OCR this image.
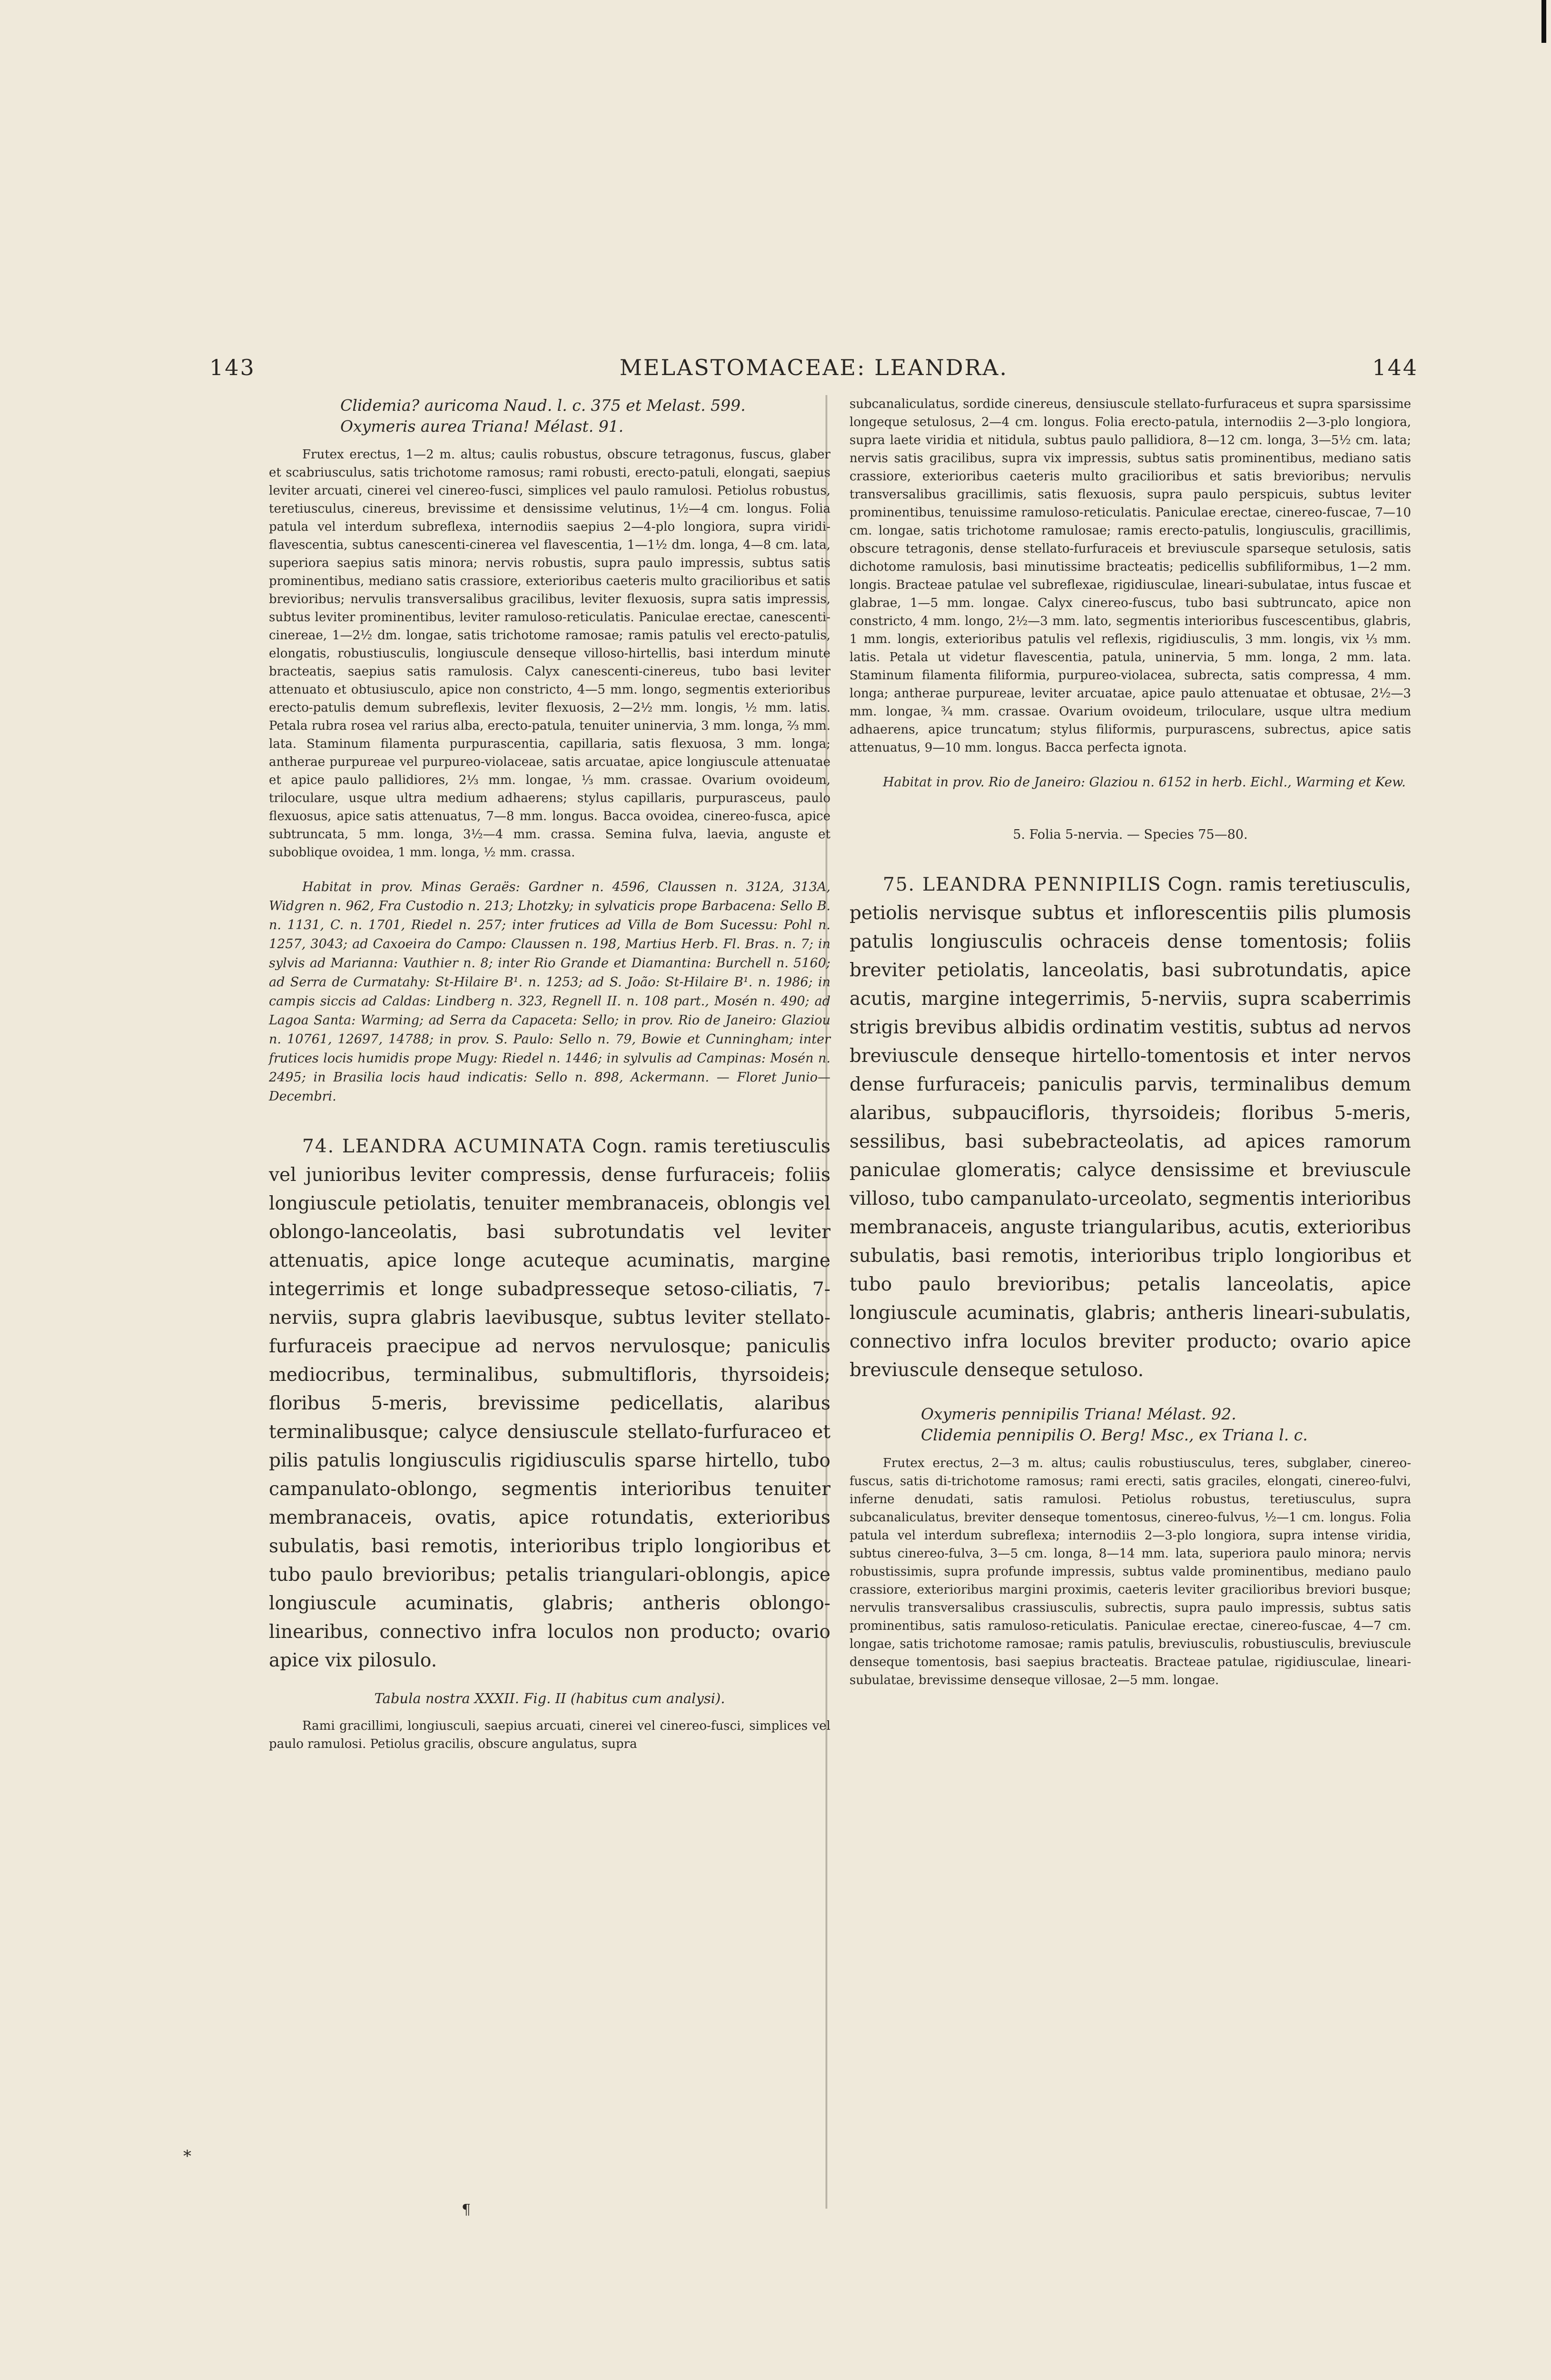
143	MELASTOMACEAE: LEANDRA.	144

Clidemia? auricoma Naud. l. c. 375 et Melast. 599.

Oxymeris aurea Triana! Mélast. 91.

Frutex erectus, 1—2 m. altus; caulis robustus, obscure tetragonus, fuscus, glaber et scabriusculus, satis trichotome ramosus; rami robusti, erecto-patuli, elongati, saepius leviter arcuati, cinerei vel cinereo-fusci, simplices vel paulo ramulosi. Petiolus robustus, teretiusculus, cinereus, brevissime et densissime velutinus, 1½—4 cm. longus. Folia patula vel interdum subreflexa, internodiis saepius 2—4-plo longiora, supra viridi-flavescentia, subtus canescenti-cinerea vel flavescentia, 1—1½ dm. longa, 4—8 cm. lata, superiora saepius satis minora; nervis robustis, supra paulo impressis, subtus satis prominentibus, mediano satis crassiore, exterioribus caeteris multo gracilioribus et satis brevioribus; nervulis transversalibus gracilibus, leviter flexuosis, supra satis impressis, subtus leviter prominentibus, leviter ramuloso-reticulatis. Paniculae erectae, canescenti-cinereae, 1—2½ dm. longae, satis trichotome ramosae; ramis patulis vel erecto-patulis, elongatis, robustiusculis, longiuscule denseque villoso-hirtellis, basi interdum minute bracteatis, saepius satis ramulosis. Calyx canescenti-cinereus, tubo basi leviter attenuato et obtusiusculo, apice non constricto, 4—5 mm. longo, segmentis exterioribus erecto-patulis demum subreflexis, leviter flexuosis, 2—2½ mm. longis, ½ mm. latis. Petala rubra rosea vel rarius alba, erecto-patula, tenuiter uninervia, 3 mm. longa, ⅔ mm. lata. Staminum filamenta purpurascentia, capillaria, satis flexuosa, 3 mm. longa; antherae purpureae vel purpureo-violaceae, satis arcuatae, apice longiuscule attenuatae et apice paulo pallidiores, 2⅓ mm. longae, ⅓ mm. crassae. Ovarium ovoideum, triloculare, usque ultra medium adhaerens; stylus capillaris, purpurasceus, paulo flexuosus, apice satis attenuatus, 7—8 mm. longus. Bacca ovoidea, cinereo-fusca, apice subtruncata, 5 mm. longa, 3½—4 mm. crassa. Semina fulva, laevia, anguste et suboblique ovoidea, 1 mm. longa, ½ mm. crassa.

Habitat in prov. Minas Geraës: Gardner n. 4596, Claussen n. 312A, 313A, Widgren n. 962, Fra Custodio n. 213; Lhotzky; in sylvaticis prope Barbacena: Sello B. n. 1131, C. n. 1701, Riedel n. 257; inter frutices ad Villa de Bom Sucessu: Pohl n. 1257, 3043; ad Caxoeira do Campo: Claussen n. 198, Martius Herb. Fl. Bras. n. 7; in sylvis ad Marianna: Vauthier n. 8; inter Rio Grande et Diamantina: Burchell n. 5160; ad Serra de Curmatahy: St-Hilaire B¹. n. 1253; ad S. João: St-Hilaire B¹. n. 1986; in campis siccis ad Caldas: Lindberg n. 323, Regnell II. n. 108 part., Mosén n. 490; ad Lagoa Santa: Warming; ad Serra da Capaceta: Sello; in prov. Rio de Janeiro: Glaziou n. 10761, 12697, 14788; in prov. S. Paulo: Sello n. 79, Bowie et Cunningham; inter frutices locis humidis prope Mugy: Riedel n. 1446; in sylvulis ad Campinas: Mosén n. 2495; in Brasilia locis haud indicatis: Sello n. 898, Ackermann. — Floret Junio—Decembri.

74. LEANDRA ACUMINATA Cogn. ramis teretiusculis vel junioribus leviter compressis, dense furfuraceis; foliis longiuscule petiolatis, tenuiter membranaceis, oblongis vel oblongo-lanceolatis, basi subrotundatis vel leviter attenuatis, apice longe acuteque acuminatis, margine integerrimis et longe subadpresseque setoso-ciliatis, 7-nerviis, supra glabris laevibusque, subtus leviter stellato-furfuraceis praecipue ad nervos nervulosque; paniculis mediocribus, terminalibus, submultifloris, thyrsoideis; floribus 5-meris, brevissime pedicellatis, alaribus terminalibusque; calyce densiuscule stellato-furfuraceo et pilis patulis longiusculis rigidiusculis sparse hirtello, tubo campanulato-oblongo, segmentis interioribus tenuiter membranaceis, ovatis, apice rotundatis, exterioribus subulatis, basi remotis, interioribus triplo longioribus et tubo paulo brevioribus; petalis triangulari-oblongis, apice longiuscule acuminatis, glabris; antheris oblongo-linearibus, connectivo infra loculos non producto; ovario apice vix pilosulo.

Tabula nostra XXXII. Fig. II (habitus cum analysi).

Rami gracillimi, longiusculi, saepius arcuati, cinerei vel cinereo-fusci, simplices vel paulo ramulosi. Petiolus gracilis, obscure angulatus, supra

subcanaliculatus, sordide cinereus, densiuscule stellato-furfuraceus et supra sparsissime longeque setulosus, 2—4 cm. longus. Folia erecto-patula, internodiis 2—3-plo longiora, supra laete viridia et nitidula, subtus paulo pallidiora, 8—12 cm. longa, 3—5½ cm. lata; nervis satis gracilibus, supra vix impressis, subtus satis prominentibus, mediano satis crassiore, exterioribus caeteris multo gracilioribus et satis brevioribus; nervulis transversalibus gracillimis, satis flexuosis, supra paulo perspicuis, subtus leviter prominentibus, tenuissime ramuloso-reticulatis. Paniculae erectae, cinereo-fuscae, 7—10 cm. longae, satis trichotome ramulosae; ramis erecto-patulis, longiusculis, gracillimis, obscure tetragonis, dense stellato-furfuraceis et breviuscule sparseque setulosis, satis dichotome ramulosis, basi minutissime bracteatis; pedicellis subfiliformibus, 1—2 mm. longis. Bracteae patulae vel subreflexae, rigidiusculae, lineari-subulatae, intus fuscae et glabrae, 1—5 mm. longae. Calyx cinereo-fuscus, tubo basi subtruncato, apice non constricto, 4 mm. longo, 2½—3 mm. lato, segmentis interioribus fuscescentibus, glabris, 1 mm. longis, exterioribus patulis vel reflexis, rigidiusculis, 3 mm. longis, vix ⅓ mm. latis. Petala ut videtur flavescentia, patula, uninervia, 5 mm. longa, 2 mm. lata. Staminum filamenta filiformia, purpureo-violacea, subrecta, satis compressa, 4 mm. longa; antherae purpureae, leviter arcuatae, apice paulo attenuatae et obtusae, 2½—3 mm. longae, ¾ mm. crassae. Ovarium ovoideum, triloculare, usque ultra medium adhaerens, apice truncatum; stylus filiformis, purpurascens, subrectus, apice satis attenuatus, 9—10 mm. longus. Bacca perfecta ignota.

Habitat in prov. Rio de Janeiro: Glaziou n. 6152 in herb. Eichl., Warming et Kew.

5. Folia 5-nervia. — Species 75—80.

75. LEANDRA PENNIPILIS Cogn. ramis teretiusculis, petiolis nervisque subtus et inflorescentiis pilis plumosis patulis longiusculis ochraceis dense tomentosis; foliis breviter petiolatis, lanceolatis, basi subrotundatis, apice acutis, margine integerrimis, 5-nerviis, supra scaberrimis strigis brevibus albidis ordinatim vestitis, subtus ad nervos breviuscule denseque hirtello-tomentosis et inter nervos dense furfuraceis; paniculis parvis, terminalibus demum alaribus, subpaucifloris, thyrsoideis; floribus 5-meris, sessilibus, basi subebracteolatis, ad apices ramorum paniculae glomeratis; calyce densissime et breviuscule villoso, tubo campanulato-urceolato, segmentis interioribus membranaceis, anguste triangularibus, acutis, exterioribus subulatis, basi remotis, interioribus triplo longioribus et tubo paulo brevioribus; petalis lanceolatis, apice longiuscule acuminatis, glabris; antheris lineari-subulatis, connectivo infra loculos breviter producto; ovario apice breviuscule denseque setuloso.

Oxymeris pennipilis Triana! Mélast. 92.

Clidemia pennipilis O. Berg! Msc., ex Triana l. c.

Frutex erectus, 2—3 m. altus; caulis robustiusculus, teres, subglaber, cinereo-fuscus, satis di-trichotome ramosus; rami erecti, satis graciles, elongati, cinereo-fulvi, inferne denudati, satis ramulosi. Petiolus robustus, teretiusculus, supra subcanaliculatus, breviter denseque tomentosus, cinereo-fulvus, ½—1 cm. longus. Folia patula vel interdum subreflexa; internodiis 2—3-plo longiora, supra intense viridia, subtus cinereo-fulva, 3—5 cm. longa, 8—14 mm. lata, superiora paulo minora; nervis robustissimis, supra profunde impressis, subtus valde prominentibus, mediano paulo crassiore, exterioribus margini proximis, caeteris leviter gracilioribus breviori busque; nervulis transversalibus crassiusculis, subrectis, supra paulo impressis, subtus satis prominentibus, satis ramuloso-reticulatis. Paniculae erectae, cinereo-fuscae, 4—7 cm. longae, satis trichotome ramosae; ramis patulis, breviusculis, robustiusculis, breviuscule denseque tomentosis, basi saepius bracteatis. Bracteae patulae, rigidiusculae, lineari-subulatae, brevissime denseque villosae, 2—5 mm. longae.

*
¶
